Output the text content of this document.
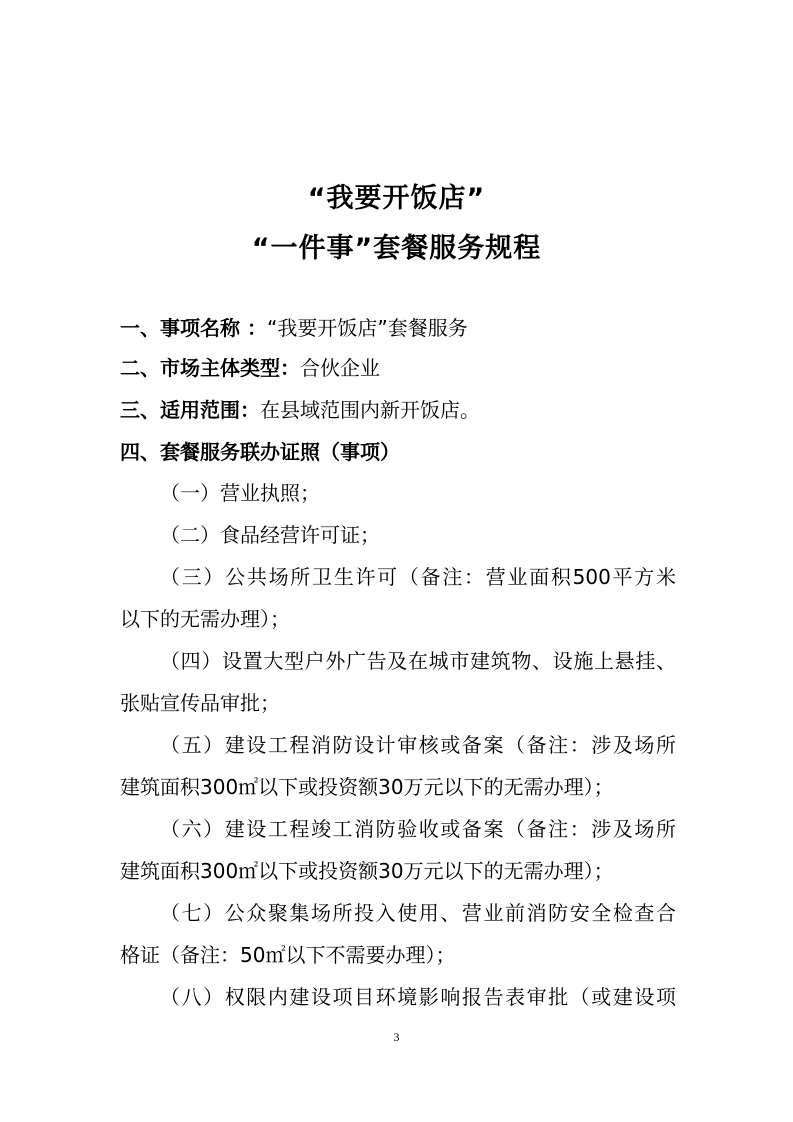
“我要开饭店”
“一件事”套餐服务规程
一、事项名称 ：“我要开饭店”套餐服务
二、市场主体类型：合伙企业
三、适用范围：在县域范围内新开饭店。
四、套餐服务联办证照（事项）
（一）营业执照；
（二）食品经营许可证；
（三）公共场所卫生许可（备注：营业面积500平方米
以下的无需办理）；
（四）设置大型户外广告及在城市建筑物、设施上悬挂、
张贴宣传品审批；
（五）建设工程消防设计审核或备案（备注：涉及场所
建筑面积300㎡以下或投资额30万元以下的无需办理）；
（六）建设工程竣工消防验收或备案（备注：涉及场所
建筑面积300㎡以下或投资额30万元以下的无需办理）；
（七）公众聚集场所投入使用、营业前消防安全检查合
格证（备注：50㎡以下不需要办理）；
（八）权限内建设项目环境影响报告表审批（或建设项
3
